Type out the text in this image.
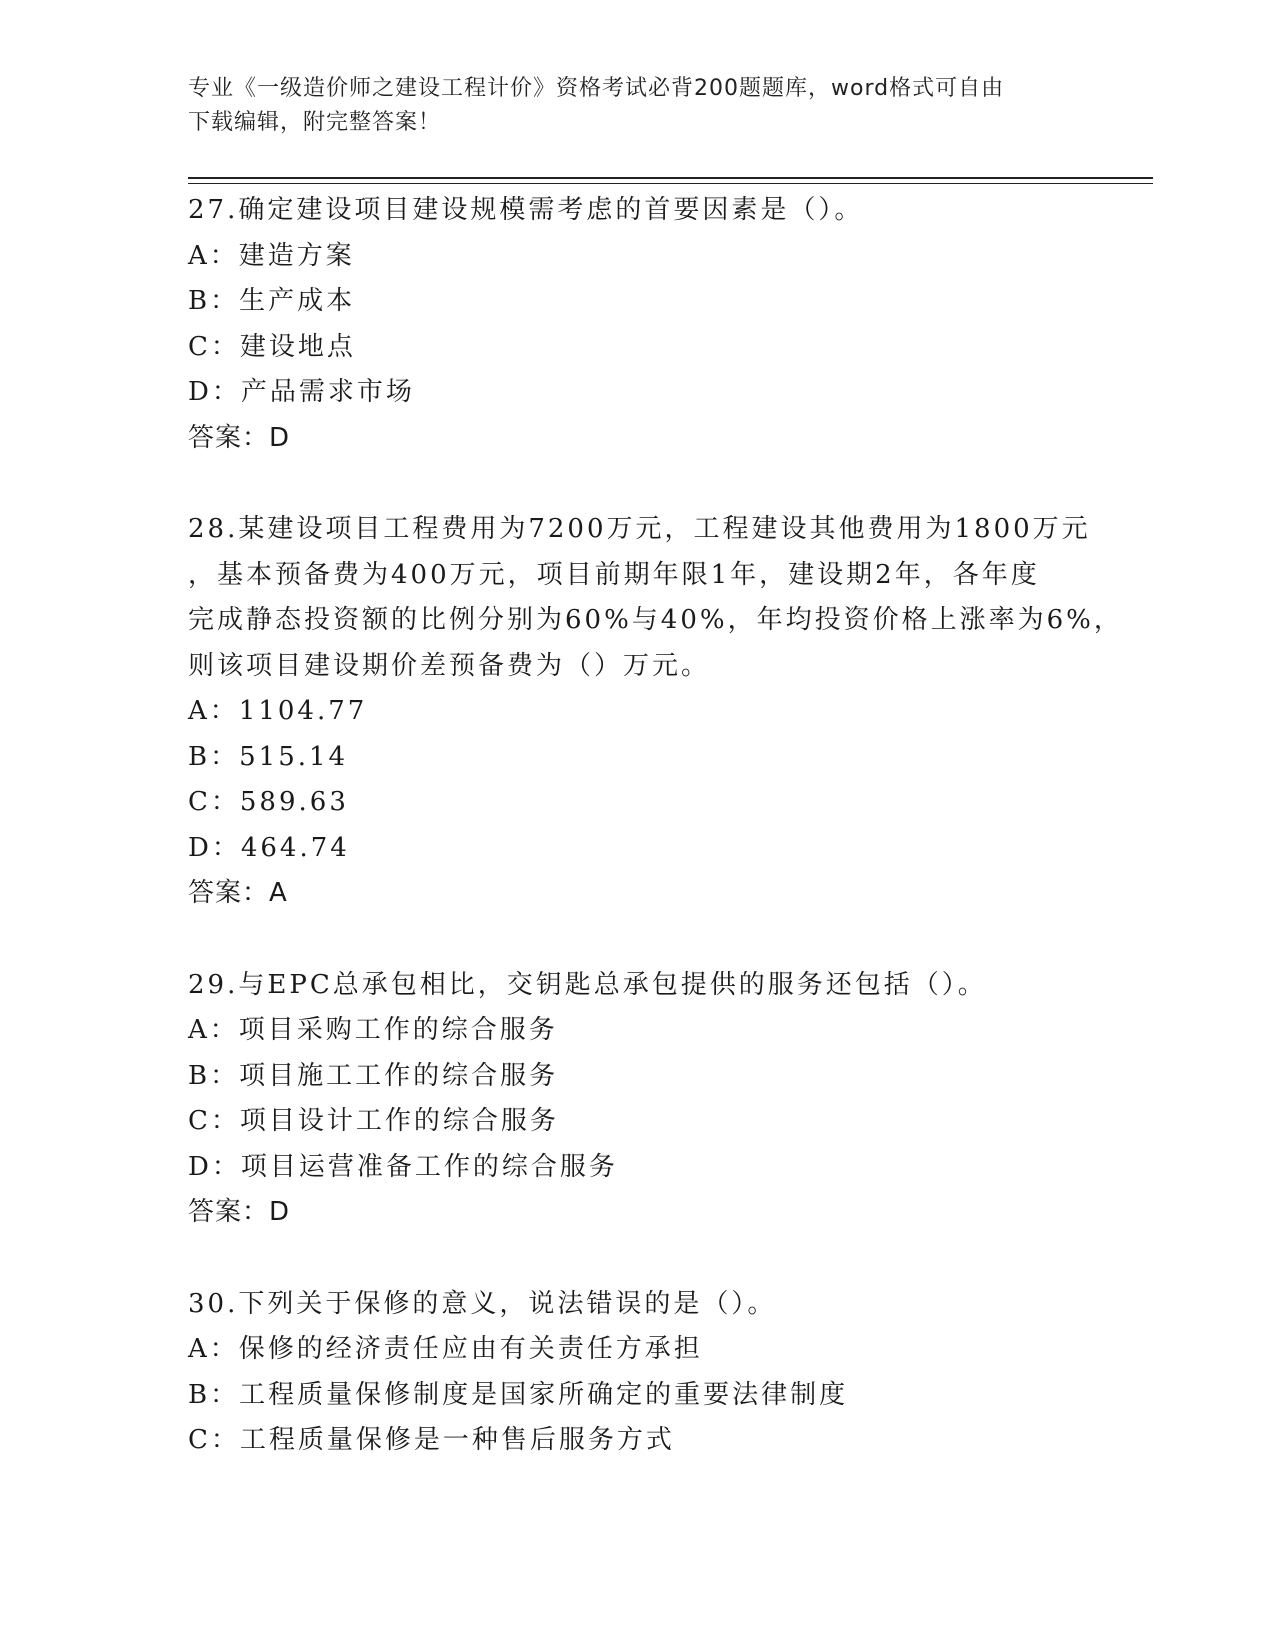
专业《一级造价师之建设工程计价》资格考试必背200题题库，word格式可自由
下载编辑，附完整答案！
27.确定建设项目建设规模需考虑的首要因素是（）。
A：建造方案
B：生产成本
C：建设地点
D：产品需求市场
答案：D
28.某建设项目工程费用为7200万元，工程建设其他费用为1800万元
，基本预备费为400万元，项目前期年限1年，建设期2年，各年度
完成静态投资额的比例分别为60%与40%，年均投资价格上涨率为6%，
则该项目建设期价差预备费为（）万元。
A：1104.77
B：515.14
C：589.63
D：464.74
答案：A
29.与EPC总承包相比，交钥匙总承包提供的服务还包括（）。
A：项目采购工作的综合服务
B：项目施工工作的综合服务
C：项目设计工作的综合服务
D：项目运营准备工作的综合服务
答案：D
30.下列关于保修的意义，说法错误的是（）。
A：保修的经济责任应由有关责任方承担
B：工程质量保修制度是国家所确定的重要法律制度
C：工程质量保修是一种售后服务方式
